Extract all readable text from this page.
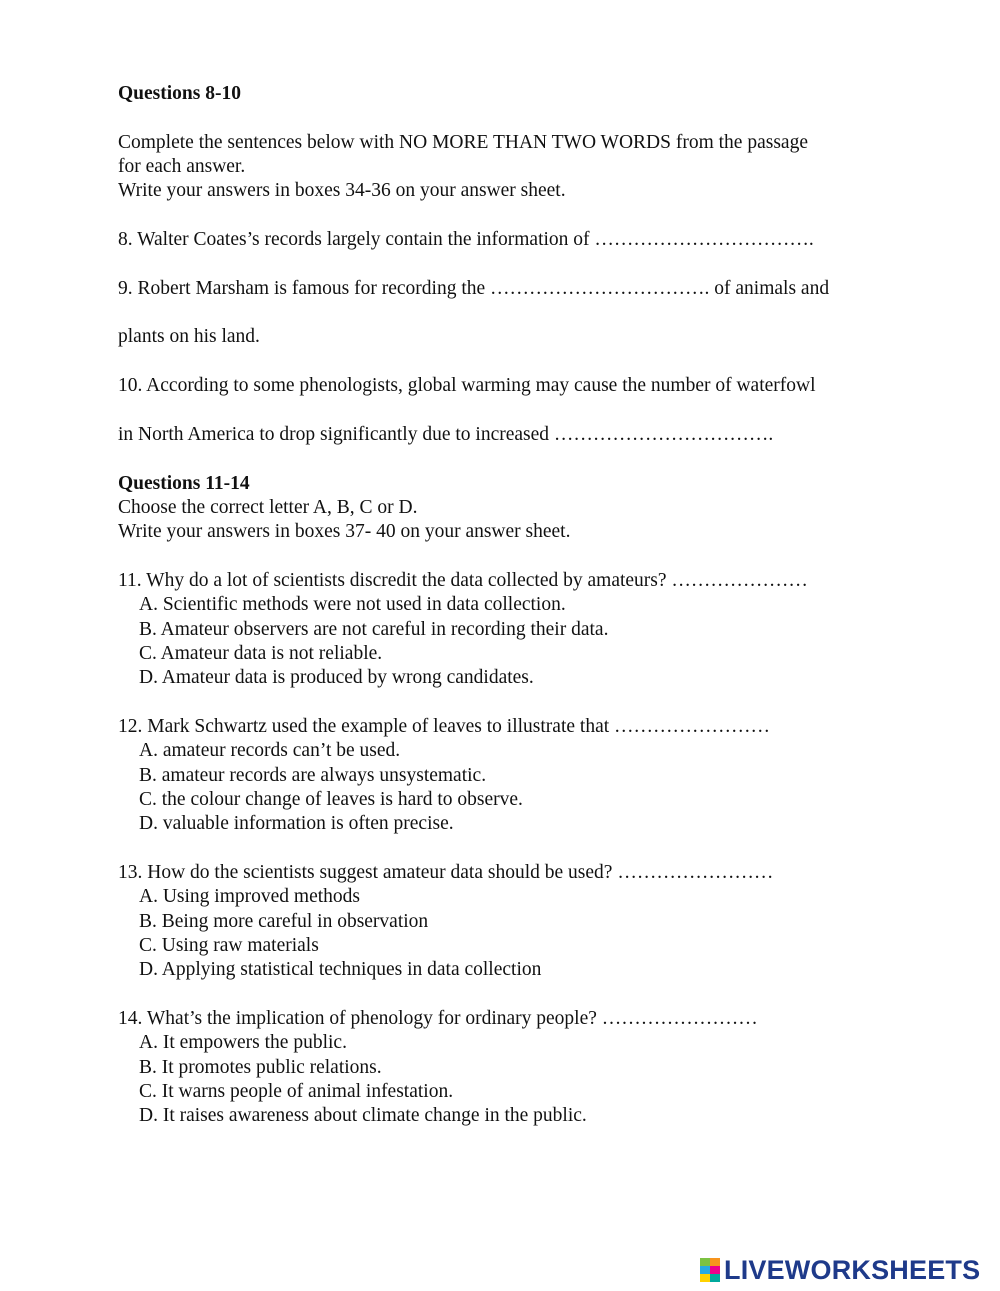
Questions 8-10
Complete the sentences below with NO MORE THAN TWO WORDS from the passage
for each answer.
Write your answers in boxes 34-36 on your answer sheet.
8. Walter Coates’s records largely contain the information of …………………………….
9. Robert Marsham is famous for recording the ……………………………. of animals and
plants on his land.
10. According to some phenologists, global warming may cause the number of waterfowl
in North America to drop significantly due to increased …………………………….
Questions 11-14
Choose the correct letter A, B, C or D.
Write your answers in boxes 37- 40 on your answer sheet.
11. Why do a lot of scientists discredit the data collected by amateurs? …………………
A. Scientific methods were not used in data collection.
B. Amateur observers are not careful in recording their data.
C. Amateur data is not reliable.
D. Amateur data is produced by wrong candidates.
12. Mark Schwartz used the example of leaves to illustrate that ……………………
A. amateur records can’t be used.
B. amateur records are always unsystematic.
C. the colour change of leaves is hard to observe.
D. valuable information is often precise.
13. How do the scientists suggest amateur data should be used? ……………………
A. Using improved methods
B. Being more careful in observation
C. Using raw materials
D. Applying statistical techniques in data collection
14. What’s the implication of phenology for ordinary people? ……………………
A. It empowers the public.
B. It promotes public relations.
C. It warns people of animal infestation.
D. It raises awareness about climate change in the public.
LIVEWORKSHEETS
